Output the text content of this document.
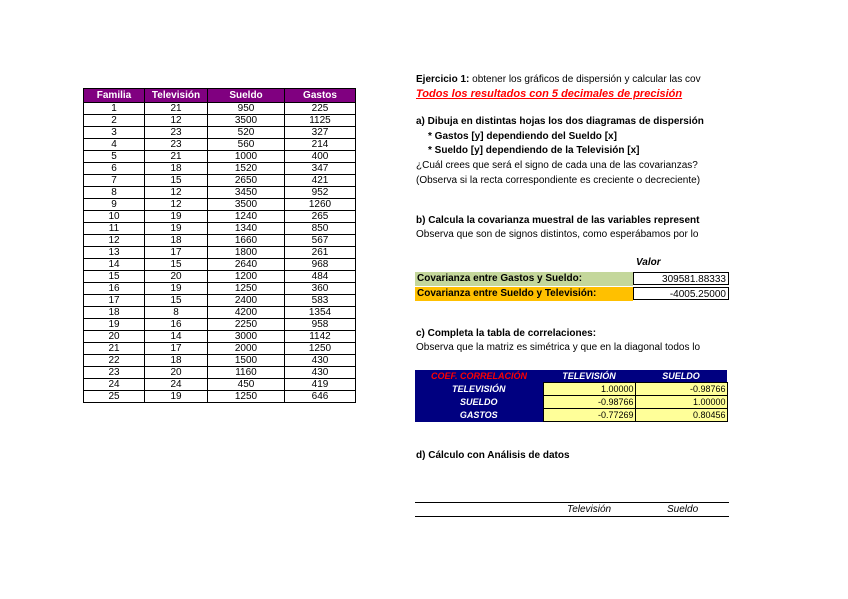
Familia	Televisión	Sueldo	Gastos
1	21	950	225
2	12	3500	1125
3	23	520	327
4	23	560	214
5	21	1000	400
6	18	1520	347
7	15	2650	421
8	12	3450	952
9	12	3500	1260
10	19	1240	265
11	19	1340	850
12	18	1660	567
13	17	1800	261
14	15	2640	968
15	20	1200	484
16	19	1250	360
17	15	2400	583
18	8	4200	1354
19	16	2250	958
20	14	3000	1142
21	17	2000	1250
22	18	1500	430
23	20	1160	430
24	24	450	419
25	19	1250	646
Ejercicio 1: obtener los gráficos de dispersión y calcular las cov
Todos los resultados con 5 decimales de precisión
a) Dibuja en distintas hojas los dos diagramas de dispersión
* Gastos [y] dependiendo del Sueldo [x]
* Sueldo [y] dependiendo de la Televisión [x]
¿Cuál crees que será el signo de cada una de las covarianzas?
(Observa si la recta correspondiente es creciente o decreciente)
b) Calcula la covarianza muestral de las variables represent
Observa que son de signos distintos, como esperábamos por lo
Valor
Covarianza entre Gastos y Sueldo:	309581.88333
Covarianza entre Sueldo y Televisión:	-4005.25000
c) Completa la tabla de correlaciones:
Observa que la matriz es simétrica y que en la diagonal todos lo
COEF. CORRELACIÓN	TELEVISIÓN	SUELDO
TELEVISIÓN	1.00000	-0.98766
SUELDO	-0.98766	1.00000
GASTOS	-0.77269	0.80456
d) Cálculo con Análisis de datos
Televisión	Sueldo
